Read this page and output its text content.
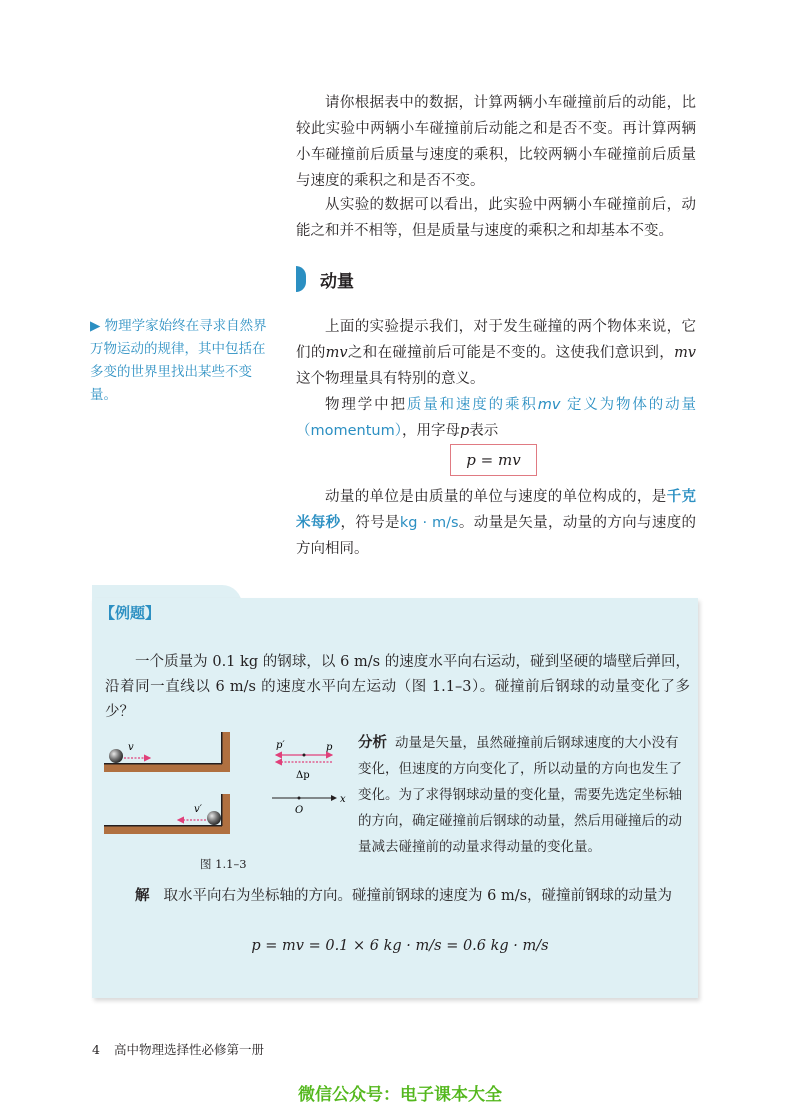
请你根据表中的数据，计算两辆小车碰撞前后的动能，比较此实验中两辆小车碰撞前后动能之和是否不变。再计算两辆小车碰撞前后质量与速度的乘积，比较两辆小车碰撞前后质量与速度的乘积之和是否不变。

从实验的数据可以看出，此实验中两辆小车碰撞前后，动能之和并不相等，但是质量与速度的乘积之和却基本不变。

动量

▶ 物理学家始终在寻求自然界万物运动的规律，其中包括在多变的世界里找出某些不变量。

上面的实验提示我们，对于发生碰撞的两个物体来说，它们的mv之和在碰撞前后可能是不变的。这使我们意识到，mv这个物理量具有特别的意义。

物理学中把质量和速度的乘积mv 定义为物体的动量（momentum），用字母p表示

p = mv

动量的单位是由质量的单位与速度的单位构成的，是千克米每秒，符号是kg · m/s。动量是矢量，动量的方向与速度的方向相同。

【例题】

一个质量为 0.1 kg 的钢球，以 6 m/s 的速度水平向右运动，碰到坚硬的墙壁后弹回，沿着同一直线以 6 m/s 的速度水平向左运动（图 1.1–3）。碰撞前后钢球的动量变化了多少？

v
v′
p′	p
Δp
O
x

图 1.1–3

分析 动量是矢量，虽然碰撞前后钢球速度的大小没有变化，但速度的方向变化了，所以动量的方向也发生了变化。为了求得钢球动量的变化量，需要先选定坐标轴的方向，确定碰撞前后钢球的动量，然后用碰撞后的动量减去碰撞前的动量求得动量的变化量。

解 取水平向右为坐标轴的方向。碰撞前钢球的速度为 6 m/s，碰撞前钢球的动量为

p = mv = 0.1 × 6 kg · m/s = 0.6 kg · m/s

4 高中物理选择性必修第一册

微信公众号：电子课本大全
